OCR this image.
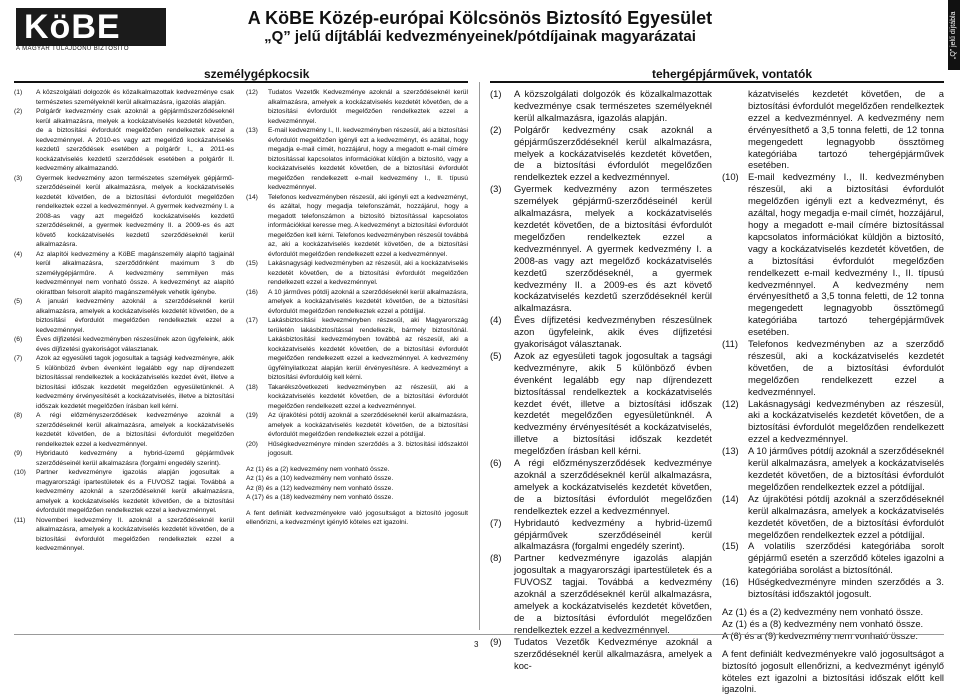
KöBE
A MAGYAR TULAJDONÚ BIZTOSÍTÓ
A KöBE Közép-európai Kölcsönös Biztosító Egyesület
„Q” jelű díjtáblái kedvezményeinek/pótdíjainak magyarázatai	„Q” jelű díjtábla
személygépkocsik	tehergépjárművek, vontatók
(1)	A közszolgálati dolgozók és közalkalmazottak kedvezménye csak természetes személyeknél kerül alkalmazásra, igazolás alapján.
(2)	Polgárőr kedvezmény csak azoknál a gépjárműszerződéseknél kerül alkalmazásra, melyek a kockázatviselés kezdetét követően, de a biztosítási évfordulót megelőzően rendelkeztek ezzel a kedvezménnyel. A 2010-es vagy azt megelőző kockázatviselés kezdetű szerződések esetében a polgárőr I., a 2011-es kockázatviselés kezdetű szerződések esetében a polgárőr II. kedvezmény alkalmazandó.
(3)	Gyermek kedvezmény azon természetes személyek gépjármű-szerződéseinél kerül alkalmazásra, melyek a kockázatviselés kezdetét követően, de a biztosítási évfordulót megelőzően rendelkeztek ezzel a kedvezménnyel. A gyermek kedvezmény I. a 2008-as vagy azt megelőző kockázatviselés kezdetű szerződéseknél, a gyermek kedvezmény II. a 2009-es és azt követő kockázatviselés kezdetű szerződéseknél kerül alkalmazásra.
(4)	Az alapítói kedvezmény a KöBE magánszemély alapító tagjainál kerül alkalmazásra, szerződőnként maximum 3 db személygépjárműre. A kedvezmény semmilyen más kedvezménnyel nem vonható össze. A kedvezményt az alapító okirattban felsorolt alapító magánszemélyek vehetik igénybe.
(5)	A januári kedvezmény azoknál a szerződéseknél kerül alkalmazásra, amelyek a kockázatviselés kezdetét követően, de a biztosítási évfordulót megelőzően rendelkeztek ezzel a kedvezménnyel.
(6)	Éves díjfizetési kedvezményben részesülnek azon ügyfeleink, akik éves díjfizetési gyakoriságot választanak.
(7)	Azok az egyesületi tagok jogosultak a tagsági kedvezményre, akik 5 különböző évben évenként legalább egy nap díjrendezett biztosítással rendelkeztek a kockázatviselés kezdet évét, illetve a biztosítási időszak kezdetét megelőzően egyesületünknél. A kedvezmény érvényesítését a kockázatviselés, illetve a biztosítási időszak kezdetét megelőzően írásban kell kérni.
(8)	A régi előzményszerződések kedvezménye azoknál a szerződéseknél kerül alkalmazásra, amelyek a kockázatviselés kezdetét követően, de a biztosítási évfordulót megelőzően rendelkeztek ezzel a kedvezménnyel.
(9)	Hybridautó kedvezmény a hybrid-üzemű gépjárművek szerződéseinél kerül alkalmazásra (forgalmi engedély szerint).
(10)	Partner kedvezményre igazolás alapján jogosultak a magyarországi ipartestületek és a FUVOSZ tagjai. Továbbá a kedvezmény azoknál a szerződéseknél kerül alkalmazásra, amelyek a kockázatviselés kezdetét követően, de a biztosítási évfordulót megelőzően rendelkeztek ezzel a kedvezménnyel.
(11)	Novemberi kedvezmény II. azoknál a szerződéseknél kerül alkalmazásra, amelyek a kockázatviselés kezdetét követően, de a biztosítási évfordulót megelőzően rendelkeztek ezzel a kedvezménnyel.
(12)	Tudatos Vezetők Kedvezménye azoknál a szerződéseknél kerül alkalmazásra, amelyek a kockázatviselés kezdetét követően, de a biztosítási évfordulót megelőzően rendelkeztek ezzel a kedvezménnyel.
(13)	E-mail kedvezmény I., II. kedvezményben részesül, aki a biztosítási évfordulót megelőzően igényli ezt a kedvezményt, és azáltal, hogy megadja e-mail címét, hozzájárul, hogy a megadott e-mail címére biztosítással kapcsolatos információkat küldjön a biztosító, vagy a kockázatviselés kezdetét követően, de a biztosítási évfordulót megelőzően rendelkezett e-mail kedvezmény I., II. típusú kedvezménnyel.
(14)	Telefonos kedvezményben részesül, aki igényli ezt a kedvezményt, és azáltal, hogy megadja telefonszámát, hozzájárul, hogy a megadott telefonszámon a biztosító biztosítással kapcsolatos információkkal keresse meg. A kedvezményt a biztosítási évfordulót megelőzően kell kérni. Telefonos kedvezményben részesül továbbá az, aki a kockázatviselés kezdetét követően, de a biztosítási évfordulót megelőzően rendelkezett ezzel a kedvezménnyel.
(15)	Lakásnagysági kedvezményben az részesül, aki a kockázatviselés kezdetét követően, de a biztosítási évfordulót megelőzően rendelkezett ezzel a kedvezménnyel.
(16)	A 10 járműves pótdíj azoknál a szerződéseknél kerül alkalmazásra, amelyek a kockázatviselés kezdetét követően, de a biztosítási évfordulót megelőzően rendelkeztek ezzel a pótdíjjal.
(17)	Lakásbiztosítási kedvezményben részesül, aki Magyarország területén lakásbiztosítással rendelkezik, bármely biztosítónál. Lakásbiztosítási kedvezményben továbbá az részesül, aki a kockázatviselés kezdetét követően, de a biztosítási évfordulót megelőzően rendelkezett ezzel a kedvezménnyel. A kedvezmény ügyfélnyilatkozat alapján kerül érvényesítésre. A kedvezményt a biztosítási évfordulóig kell kérni.
(18)	Takarékszövetkezeti kedvezményben az részesül, aki a kockázatviselés kezdetét követően, de a biztosítási évfordulót megelőzően rendelkezett ezzel a kedvezménnyel.
(19)	Az újrakötési pótdíj azoknál a szerződéseknél kerül alkalmazásra, amelyek a kockázatviselés kezdetét követően, de a biztosítási évfordulót megelőzően rendelkeztek ezzel a pótdíjjal.
(20)	Hűségkedvezményre minden szerződés a 3. biztosítási időszaktól jogosult.

Az (1) és a (2) kedvezmény nem vonható össze.

Az (1) és a (10) kedvezmény nem vonható össze.

Az (8) és a (12) kedvezmény nem vonható össze.

A (17) és a (18) kedvezmény nem vonható össze.

A fent definiált kedvezményekre való jogosultságot a biztosító jogosult ellenőrizni, a kedvezményt igénylő köteles ezt igazolni.

(1)	A közszolgálati dolgozók és közalkalmazottak kedvezménye csak természetes személyeknél kerül alkalmazásra, igazolás alapján.
(2)	Polgárőr kedvezmény csak azoknál a gépjárműszerződéseknél kerül alkalmazásra, melyek a kockázatviselés kezdetét követően, de a biztosítási évfordulót megelőzően rendelkeztek ezzel a kedvezménnyel.
(3)	Gyermek kedvezmény azon természetes személyek gépjármű-szerződéseinél kerül alkalmazásra, melyek a kockázatviselés kezdetét követően, de a biztosítási évfordulót megelőzően rendelkeztek ezzel a kedvezménnyel. A gyermek kedvezmény I. a 2008-as vagy azt megelőző kockázatviselés kezdetű szerződéseknél, a gyermek kedvezmény II. a 2009-es és azt követő kockázatviselés kezdetű szerződéseknél kerül alkalmazásra.
(4)	Éves díjfizetési kedvezményben részesülnek azon ügyfeleink, akik éves díjfizetési gyakoriságot választanak.
(5)	Azok az egyesületi tagok jogosultak a tagsági kedvezményre, akik 5 különböző évben évenként legalább egy nap díjrendezett biztosítással rendelkeztek a kockázatviselés kezdet évét, illetve a biztosítási időszak kezdetét megelőzően egyesületünknél. A kedvezmény érvényesítését a kockázatviselés, illetve a biztosítási időszak kezdetét megelőzően írásban kell kérni.
(6)	A régi előzményszerződések kedvezménye azoknál a szerződéseknél kerül alkalmazásra, amelyek a kockázatviselés kezdetét követően, de a biztosítási évfordulót megelőzően rendelkeztek ezzel a kedvezménnyel.
(7)	Hybridautó kedvezmény a hybrid-üzemű gépjárművek szerződéseinél kerül alkalmazásra (forgalmi engedély szerint).
(8)	Partner kedvezményre igazolás alapján jogosultak a magyarországi ipartestületek és a FUVOSZ tagjai. Továbbá a kedvezmény azoknál a szerződéseknél kerül alkalmazásra, amelyek a kockázatviselés kezdetét követően, de a biztosítási évfordulót megelőzően rendelkeztek ezzel a kedvezménnyel.
(9)	Tudatos Vezetők Kedvezménye azoknál a szerződéseknél kerül alkalmazásra, amelyek a koc-
kázatviselés kezdetét követően, de a biztosítási évfordulót megelőzően rendelkeztek ezzel a kedvezménnyel. A kedvezmény nem érvényesíthető a 3,5 tonna feletti, de 12 tonna megengedett legnagyobb össztömeg kategóriába tartozó tehergépjárművek esetében.
(10) E-mail kedvezmény I., II. kedvezményben részesül, aki a biztosítási évfordulót megelőzően igényli ezt a kedvezményt, és azáltal, hogy megadja e-mail címét, hozzájárul, hogy a megadott e-mail címére biztosítással kapcsolatos információkat küldjön a biztosító, vagy a kockázatviselés kezdetét követően, de a biztosítási évfordulót megelőzően rendelkezett e-mail kedvezmény I., II. típusú kedvezménnyel. A kedvezmény nem érvényesíthető a 3,5 tonna feletti, de 12 tonna megengedett legnagyobb össztömegű kategóriába tartozó tehergépjárművek esetében.
(11)	Telefonos kedvezményben az a szerződő részesül, aki a kockázatviselés kezdetét követően, de a biztosítási évfordulót megelőzően rendelkezett ezzel a kedvezménnyel.
(12) Lakásnagysági kedvezményben az részesül, aki a kockázatviselés kezdetét követően, de a biztosítási évfordulót megelőzően rendelkezett ezzel a kedvezménnyel.
(13) A 10 járműves pótdíj azoknál a szerződéseknél kerül alkalmazásra, amelyek a kockázatviselés kezdetét követően, de a biztosítási évfordulót megelőzően rendelkeztek ezzel a pótdíjjal.
(14) Az újrakötési pótdíj azoknál a szerződéseknél kerül alkalmazásra, amelyek a kockázatviselés kezdetét követően, de a biztosítási évfordulót megelőzően rendelkeztek ezzel a pótdíjjal.
(15) A volatilis szerződési kategóriába sorolt gépjármű esetén a szerződő köteles igazolni a kategóriába sorolást a biztosítónál.
(16) Hűségkedvezményre minden szerződés a 3. biztosítási időszaktól jogosult.

Az (1) és a (2) kedvezmény nem vonható össze.

Az (1) és a (8) kedvezmény nem vonható össze.

A (6) és a (9) kedvezmény nem vonható össze.

A fent definiált kedvezményekre való jogosultságot a biztosító jogosult ellenőrizni, a kedvezményt igénylő köteles ezt igazolni a biztosítási időszak előtt kell igazolni.

3
